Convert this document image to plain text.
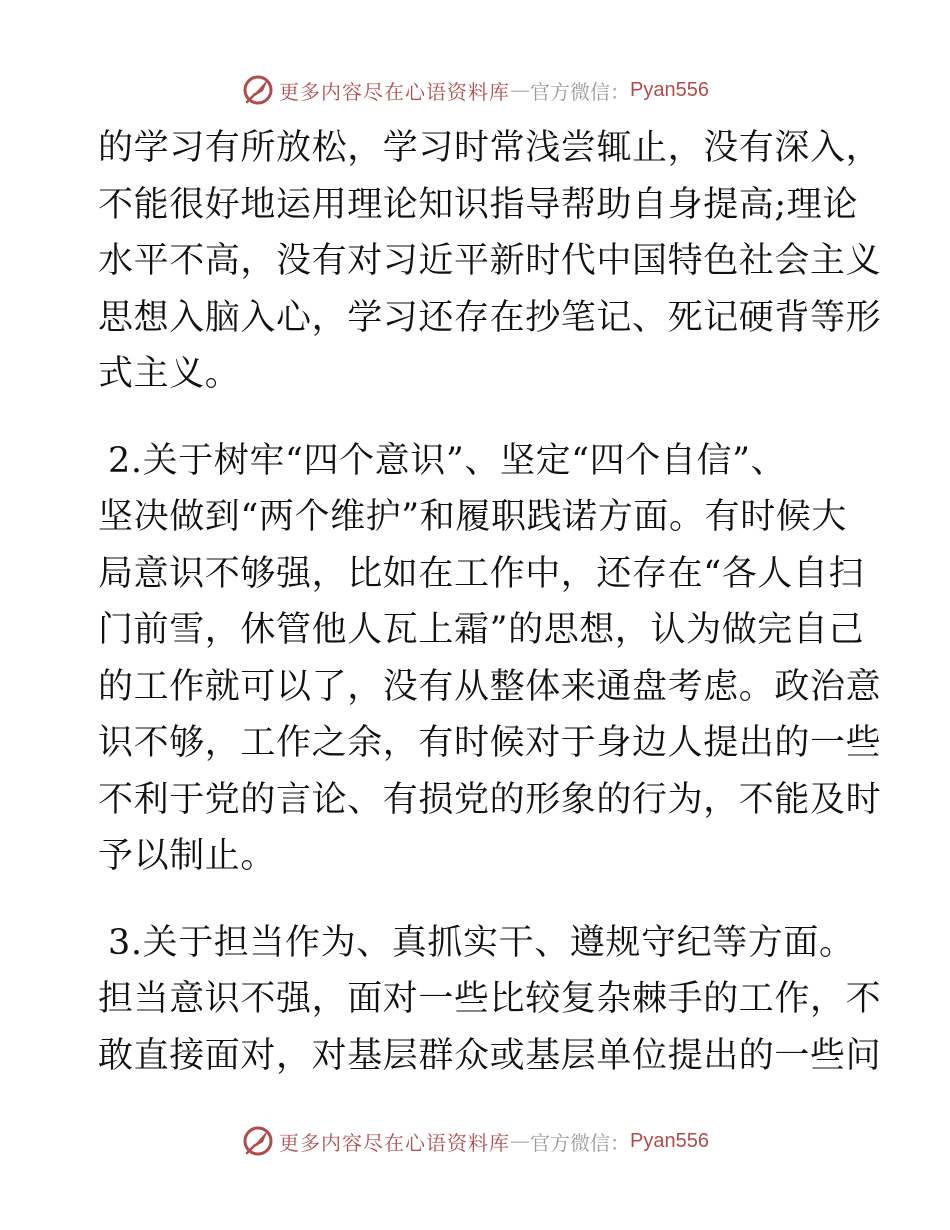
更多内容尽在心语资料库 — 官方微信： Pyan556
的学习有所放松，学习时常浅尝辄止，没有深入，
不能很好地运用理论知识指导帮助自身提高;理论
水平不高，没有对习近平新时代中国特色社会主义
思想入脑入心，学习还存在抄笔记、死记硬背等形
式主义。
2.关于树牢“四个意识”、坚定“四个自信”、
坚决做到“两个维护”和履职践诺方面。有时候大
局意识不够强，比如在工作中，还存在“各人自扫
门前雪，休管他人瓦上霜”的思想，认为做完自己
的工作就可以了，没有从整体来通盘考虑。政治意
识不够，工作之余，有时候对于身边人提出的一些
不利于党的言论、有损党的形象的行为，不能及时
予以制止。
3.关于担当作为、真抓实干、遵规守纪等方面。
担当意识不强，面对一些比较复杂棘手的工作，不
敢直接面对，对基层群众或基层单位提出的一些问
更多内容尽在心语资料库 — 官方微信： Pyan556
